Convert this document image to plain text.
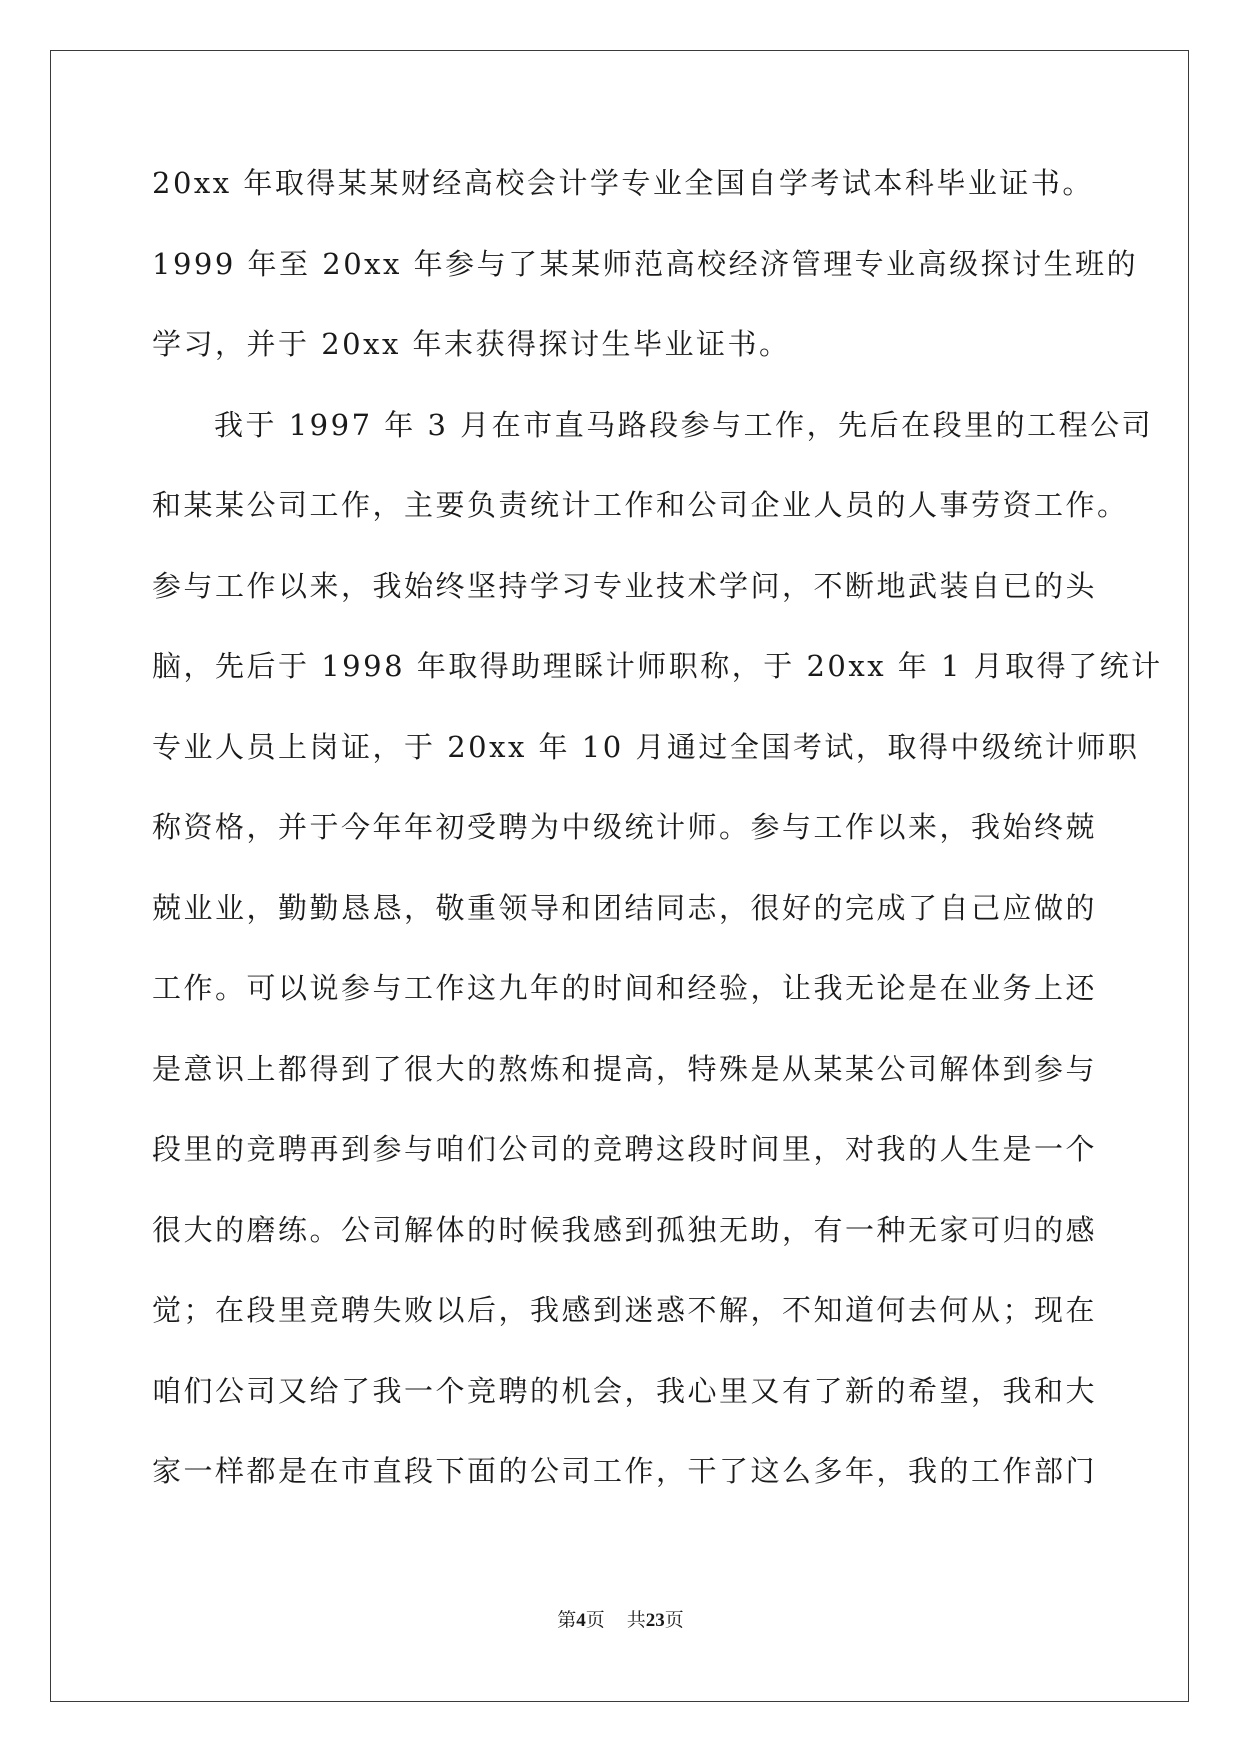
20xx 年取得某某财经高校会计学专业全国自学考试本科毕业证书。
1999 年至 20xx 年参与了某某师范高校经济管理专业高级探讨生班的
学习，并于 20xx 年末获得探讨生毕业证书。
我于 1997 年 3 月在市直马路段参与工作，先后在段里的工程公司
和某某公司工作，主要负责统计工作和公司企业人员的人事劳资工作。
参与工作以来，我始终坚持学习专业技术学问，不断地武装自已的头
脑，先后于 1998 年取得助理睬计师职称，于 20xx 年 1 月取得了统计
专业人员上岗证，于 20xx 年 10 月通过全国考试，取得中级统计师职
称资格，并于今年年初受聘为中级统计师。参与工作以来，我始终兢
兢业业，勤勤恳恳，敬重领导和团结同志，很好的完成了自己应做的
工作。可以说参与工作这九年的时间和经验，让我无论是在业务上还
是意识上都得到了很大的熬炼和提高，特殊是从某某公司解体到参与
段里的竞聘再到参与咱们公司的竞聘这段时间里，对我的人生是一个
很大的磨练。公司解体的时候我感到孤独无助，有一种无家可归的感
觉；在段里竞聘失败以后，我感到迷惑不解，不知道何去何从；现在
咱们公司又给了我一个竞聘的机会，我心里又有了新的希望，我和大
家一样都是在市直段下面的公司工作，干了这么多年，我的工作部门
第4页 共23页
